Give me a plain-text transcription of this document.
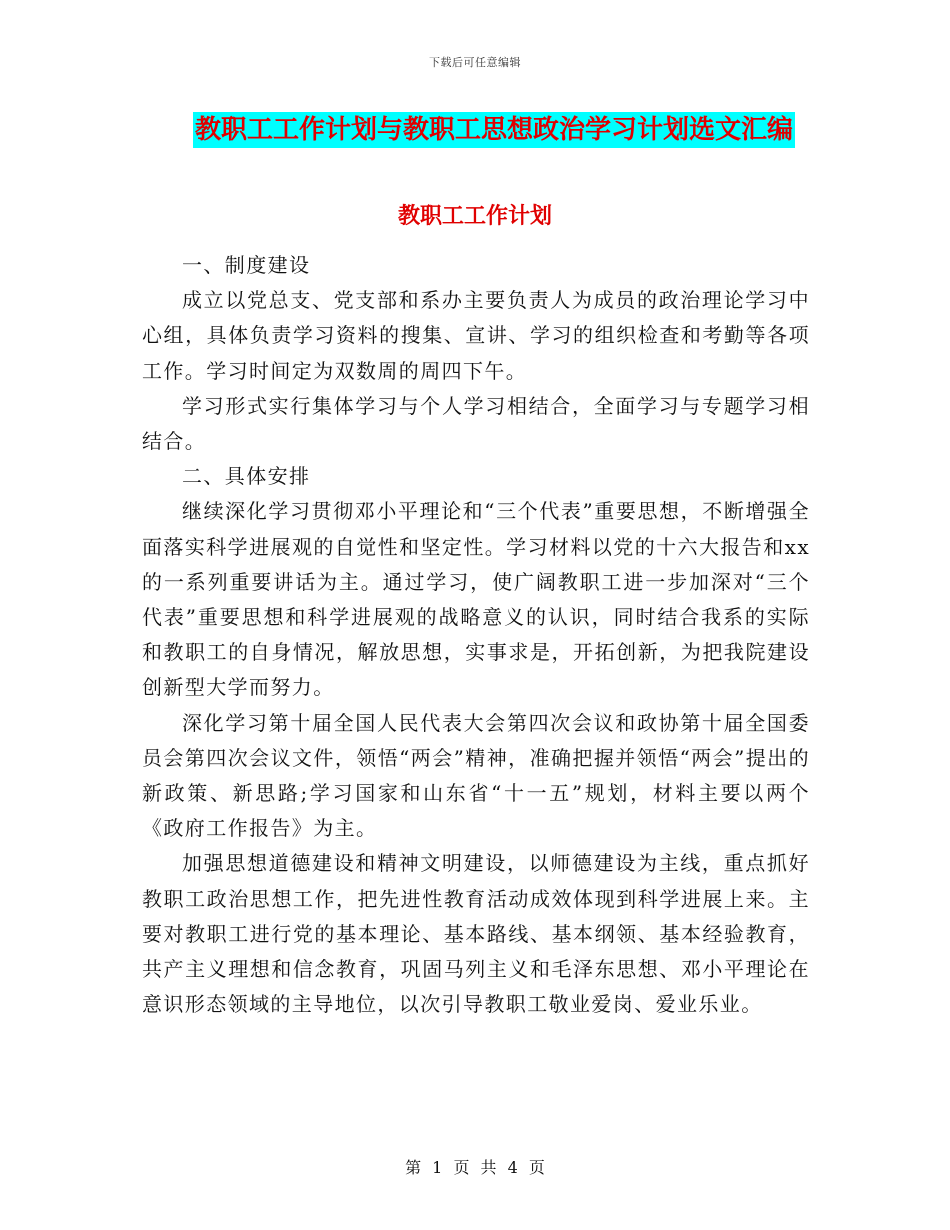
下载后可任意编辑
教职工工作计划与教职工思想政治学习计划选文汇编
教职工工作计划

一、制度建设

成立以党总支、党支部和系办主要负责人为成员的政治理论学习中心组，具体负责学习资料的搜集、宣讲、学习的组织检查和考勤等各项工作。学习时间定为双数周的周四下午。

学习形式实行集体学习与个人学习相结合，全面学习与专题学习相结合。

二、具体安排

继续深化学习贯彻邓小平理论和“三个代表”重要思想，不断增强全面落实科学进展观的自觉性和坚定性。学习材料以党的十六大报告和xx的一系列重要讲话为主。通过学习，使广阔教职工进一步加深对“三个代表”重要思想和科学进展观的战略意义的认识，同时结合我系的实际和教职工的自身情况，解放思想，实事求是，开拓创新，为把我院建设创新型大学而努力。

深化学习第十届全国人民代表大会第四次会议和政协第十届全国委员会第四次会议文件，领悟“两会”精神，准确把握并领悟“两会”提出的新政策、新思路;学习国家和山东省“十一五”规划，材料主要以两个《政府工作报告》为主。

加强思想道德建设和精神文明建设，以师德建设为主线，重点抓好教职工政治思想工作，把先进性教育活动成效体现到科学进展上来。主要对教职工进行党的基本理论、基本路线、基本纲领、基本经验教育，共产主义理想和信念教育，巩固马列主义和毛泽东思想、邓小平理论在意识形态领域的主导地位，以次引导教职工敬业爱岗、爱业乐业。

第 1 页 共 4 页
